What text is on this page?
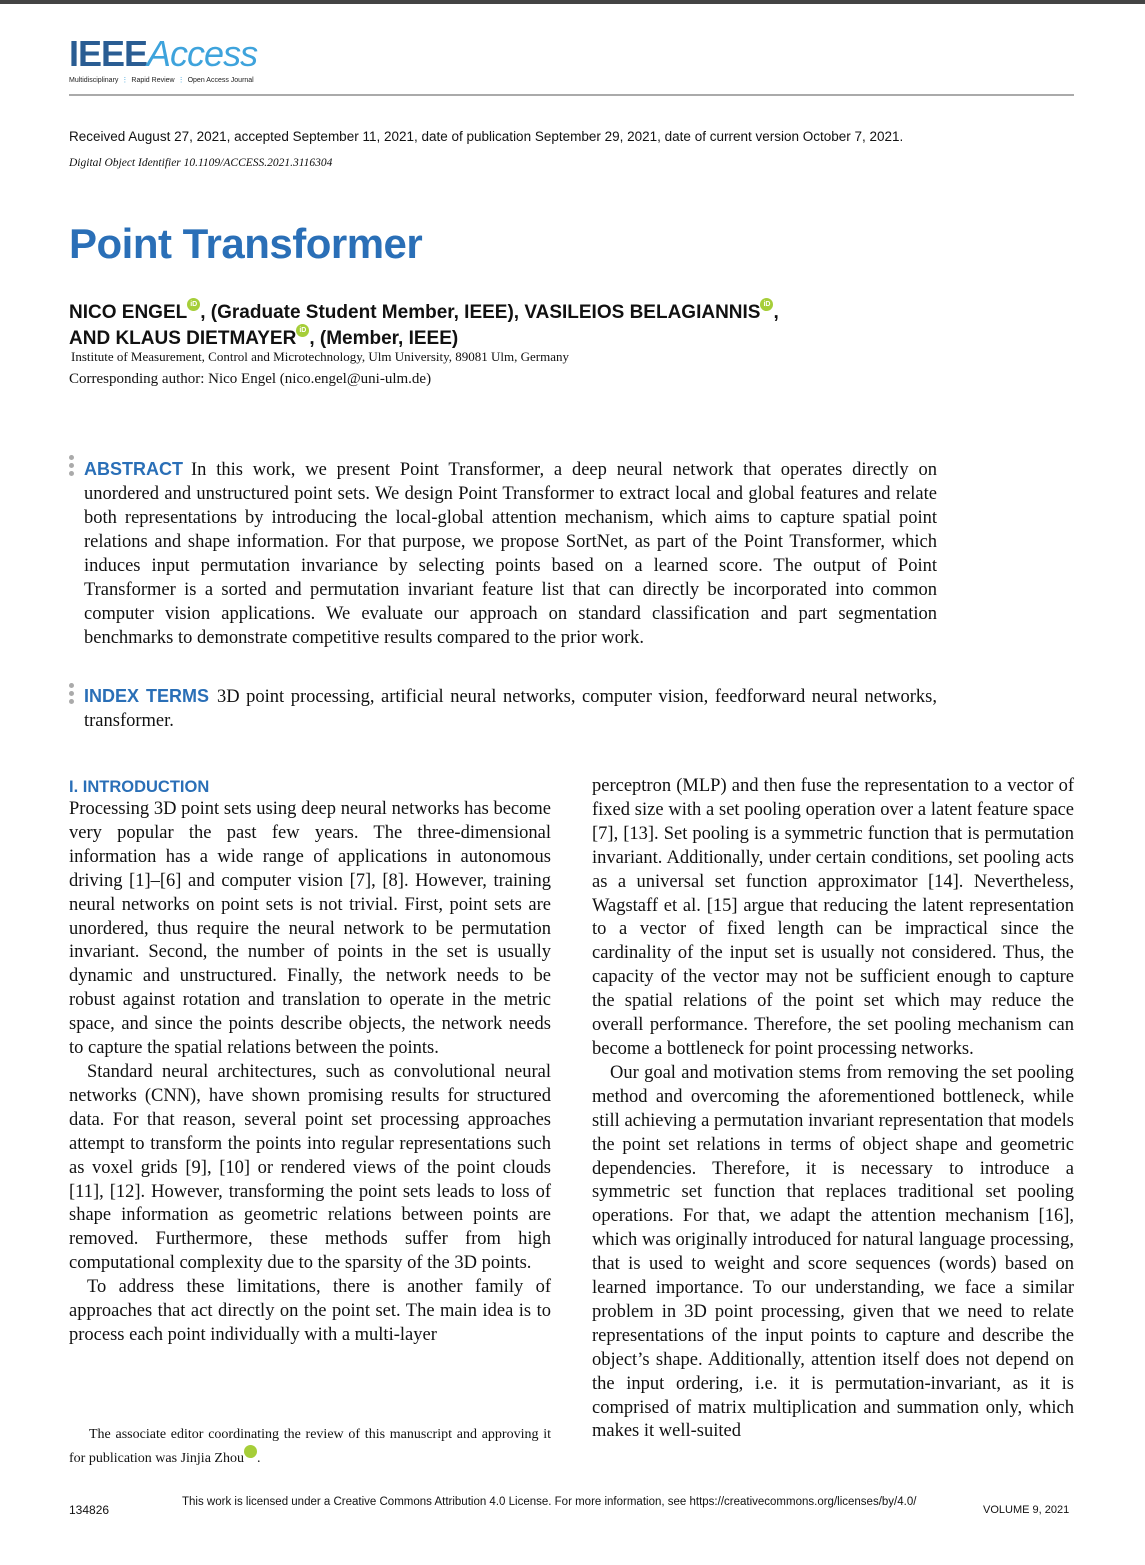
IEEEAccess
Multidisciplinary ⋮ Rapid Review ⋮ Open Access Journal
Received August 27, 2021, accepted September 11, 2021, date of publication September 29, 2021, date of current version October 7, 2021.
Digital Object Identifier 10.1109/ACCESS.2021.3116304
Point Transformer
NICO ENGEL iD , (Graduate Student Member, IEEE), VASILEIOS BELAGIANNIS iD ,
AND KLAUS DIETMAYER iD , (Member, IEEE)
Institute of Measurement, Control and Microtechnology, Ulm University, 89081 Ulm, Germany
Corresponding author: Nico Engel (nico.engel@uni-ulm.de)
ABSTRACT In this work, we present Point Transformer, a deep neural network that operates directly on unordered and unstructured point sets. We design Point Transformer to extract local and global features and relate both representations by introducing the local-global attention mechanism, which aims to capture spatial point relations and shape information. For that purpose, we propose SortNet, as part of the Point Transformer, which induces input permutation invariance by selecting points based on a learned score. The output of Point Transformer is a sorted and permutation invariant feature list that can directly be incorporated into common computer vision applications. We evaluate our approach on standard classification and part segmentation benchmarks to demonstrate competitive results compared to the prior work.
INDEX TERMS 3D point processing, artificial neural networks, computer vision, feedforward neural networks, transformer.
I. INTRODUCTION

Processing 3D point sets using deep neural networks has become very popular the past few years. The three-dimensional information has a wide range of applications in autonomous driving [1]–[6] and computer vision [7], [8]. However, training neural networks on point sets is not trivial. First, point sets are unordered, thus require the neural network to be permutation invariant. Second, the number of points in the set is usually dynamic and unstructured. Finally, the network needs to be robust against rotation and translation to operate in the metric space, and since the points describe objects, the network needs to capture the spatial relations between the points.

Standard neural architectures, such as convolutional neural networks (CNN), have shown promising results for structured data. For that reason, several point set processing approaches attempt to transform the points into regular representations such as voxel grids [9], [10] or rendered views of the point clouds [11], [12]. However, transforming the point sets leads to loss of shape information as geometric relations between points are removed. Furthermore, these methods suffer from high computational complexity due to the sparsity of the 3D points.

To address these limitations, there is another family of approaches that act directly on the point set. The main idea is to process each point individually with a multi-layer

The associate editor coordinating the review of this manuscript and approving it for publication was Jinjia Zhou	iD.

perceptron (MLP) and then fuse the representation to a vector of fixed size with a set pooling operation over a latent feature space [7], [13]. Set pooling is a symmetric function that is permutation invariant. Additionally, under certain conditions, set pooling acts as a universal set function approximator [14]. Nevertheless, Wagstaff et al. [15] argue that reducing the latent representation to a vector of fixed length can be impractical since the cardinality of the input set is usually not considered. Thus, the capacity of the vector may not be sufficient enough to capture the spatial relations of the point set which may reduce the overall performance. Therefore, the set pooling mechanism can become a bottleneck for point processing networks.

Our goal and motivation stems from removing the set pooling method and overcoming the aforementioned bottleneck, while still achieving a permutation invariant representation that models the point set relations in terms of object shape and geometric dependencies. Therefore, it is necessary to introduce a symmetric set function that replaces traditional set pooling operations. For that, we adapt the attention mechanism [16], which was originally introduced for natural language processing, that is used to weight and score sequences (words) based on learned importance. To our understanding, we face a similar problem in 3D point processing, given that we need to relate representations of the input points to capture and describe the object’s shape. Additionally, attention itself does not depend on the input ordering, i.e. it is permutation-invariant, as it is comprised of matrix multiplication and summation only, which makes it well-suited

134826
This work is licensed under a Creative Commons Attribution 4.0 License. For more information, see https://creativecommons.org/licenses/by/4.0/
VOLUME 9, 2021
